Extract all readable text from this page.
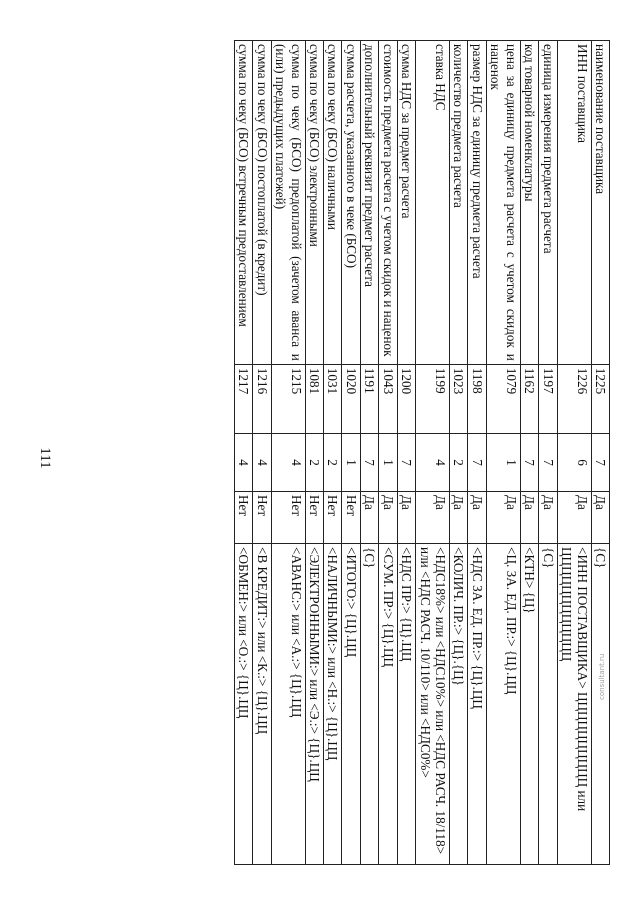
111
наименование поставщика	1225	7	Да	{С}
ИНН поставщика	1226	6	Да	<ИНН ПОСТАВЩИКА> ЦЦЦЦЦЦЦЦЦЦ или ЦЦЦЦЦЦЦЦЦЦЦЦ
единица измерения предмета расчета	1197	7	Да	{С}
код товарной номенклатуры	1162	7	Да	<КТН> {Ц}
цена за единицу предмета расчета с учетом скидок и наценок	1079	1	Да	<Ц. ЗА. ЕД. ПР.:> {Ц}.ЦЦ
размер НДС за единицу предмета расчета	1198	7	Да	<НДС ЗА. ЕД. ПР.:> {Ц}.ЦЦ
количество предмета расчета	1023	2	Да	<КОЛИЧ. ПР.:> {Ц}.{Ц}
ставка НДС	1199	4	Да	<НДС18%> или <НДС10%> или <НДС РАСЧ. 18/118> или <НДС РАСЧ. 10/110> или <НДС0%>
сумма НДС за предмет расчета	1200	7	Да	<НДС ПР:> {Ц}.ЦЦ
стоимость предмета расчета с учетом скидок и наценок	1043	1	Да	<СУМ. ПР:> {Ц}.ЦЦ
дополнительный реквизит предмет расчета	1191	7	Да	{С}
сумма расчета, указанного в чеке (БСО)	1020	1	Нет	<ИТОГО:> {Ц}.ЦЦ
сумма по чеку (БСО) наличными	1031	2	Нет	<НАЛИЧНЫМИ:> или <Н.:> {Ц}.ЦЦ
сумма по чеку (БСО) электронными	1081	2	Нет	<ЭЛЕКТРОННЫМИ:> или <Э.:> {Ц}.ЦЦ
сумма по чеку (БСО) предоплатой (зачетом аванса и (или) предыдущих платежей)	1215	4	Нет	<АВАНС:> или <А.:> {Ц}.ЦЦ
сумма по чеку (БСО) постоплатой (в кредит)	1216	4	Нет	<В КРЕДИТ:> или <К.:> {Ц}.ЦЦ
сумма по чеку (БСО) встречным предоставлением	1217	4	Нет	<ОБМЕН:> или <О.:> {Ц}.ЦЦ	consultant.ru
